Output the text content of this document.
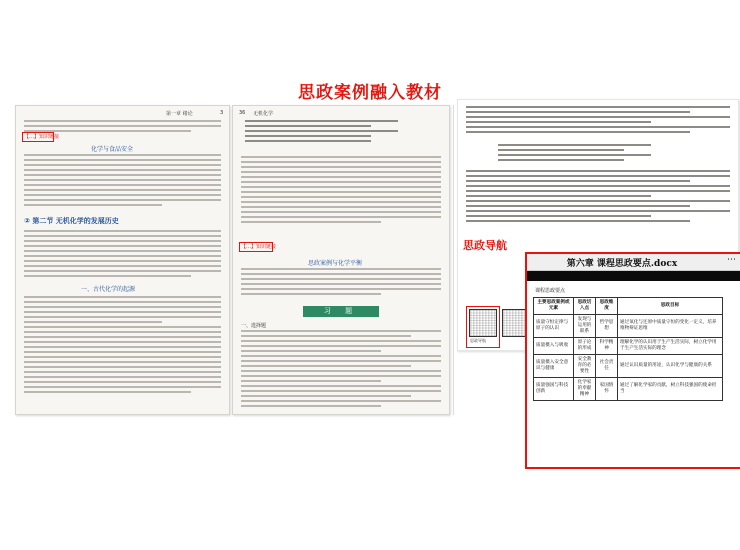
思政案例融入教材
第一章 绪论	3
【…】知识链接
化学与食品安全
② 第二节 无机化学的发展历史
一、古代化学的起源
36 无机化学
【…】知识链接
思政案例与化学平衡
习 题
一、选择题
思政导航
思政导航
第六章 课程思政要点.docx	⋯
课程思政要点
主要思政案例或元素	思政切入点	思政维度	思政目标
质量守恒定律与原子的认识	发现与运用的联系	哲学思想	通过氧化与还原中质量守恒的变化一定义，培养唯物辩证思维
质量摄入与吸收	原子论的形成	科学精神	理解化学的认识用于生产生活实际，树立化学用于生产生活实际的理念
质量摄入安全意识与健康	安全教育的必要性	社会责任	通过认识质量的用途，认识化学与健康的关系
质量强国与科技创新	化学家的奉献精神	家国情怀	通过了解化学家的贡献，树立科技强国的使命担当
